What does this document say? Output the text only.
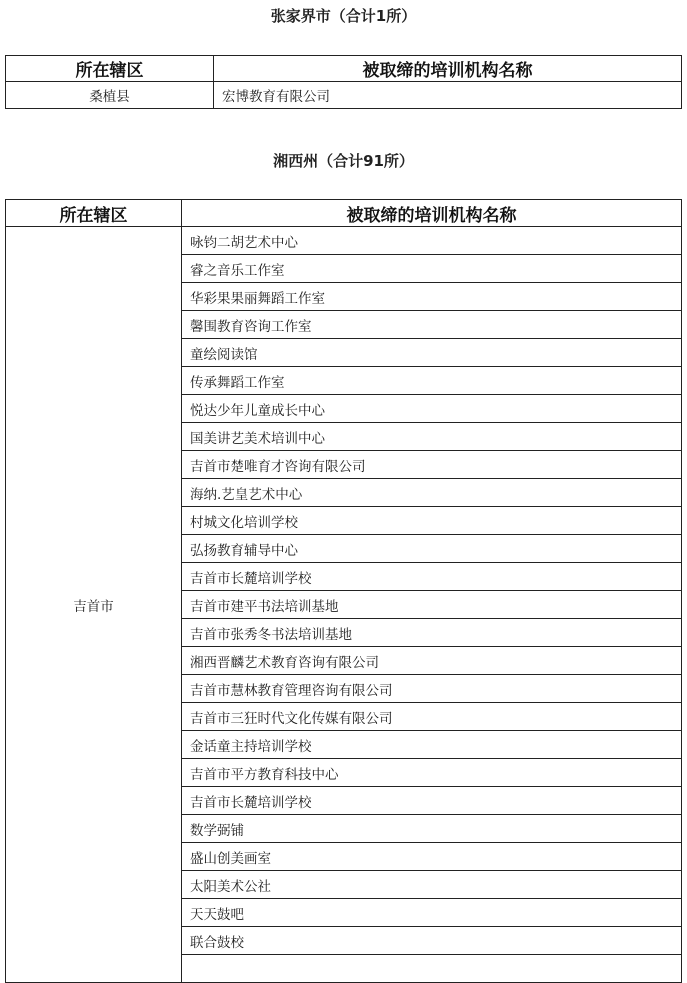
张家界市（合计1所）
所在辖区	被取缔的培训机构名称
桑植县	宏博教育有限公司
湘西州（合计91所）
所在辖区	被取缔的培训机构名称
吉首市	咏钧二胡艺术中心
	睿之音乐工作室
	华彩果果丽舞蹈工作室
	馨围教育咨询工作室
	童绘阅读馆
	传承舞蹈工作室
	悦达少年儿童成长中心
	国美讲艺美术培训中心
	吉首市楚唯育才咨询有限公司
	海纳.艺皇艺术中心
	村城文化培训学校
	弘扬教育辅导中心
	吉首市长麓培训学校
	吉首市建平书法培训基地
	吉首市张秀冬书法培训基地
	湘西晋麟艺术教育咨询有限公司
	吉首市慧林教育管理咨询有限公司
	吉首市三狂时代文化传媒有限公司
	金话童主持培训学校
	吉首市平方教育科技中心
	吉首市长麓培训学校
	数学弼铺
	盛山创美画室
	太阳美术公社
	天天鼓吧
	联合鼓校
